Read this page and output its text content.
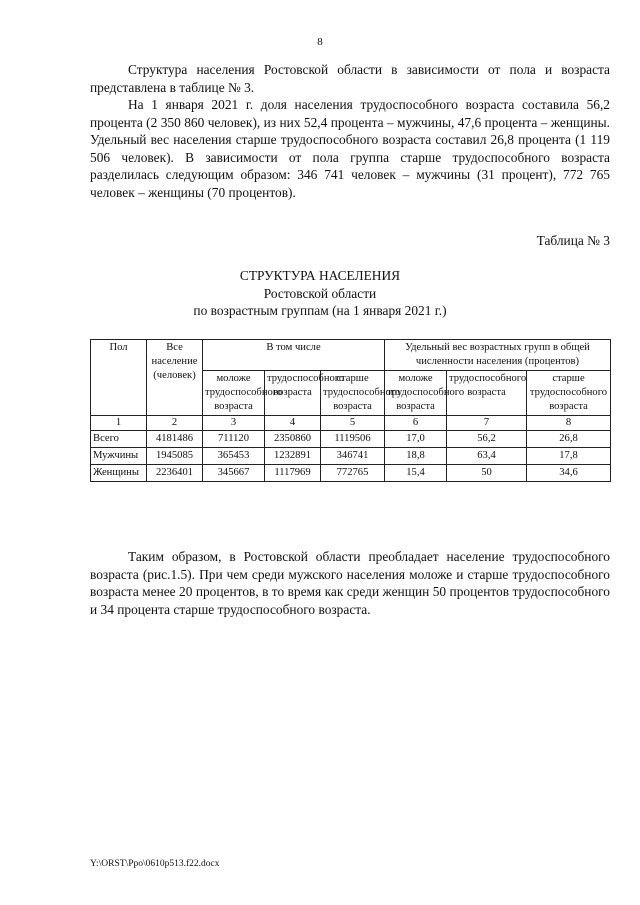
8

Структура населения Ростовской области в зависимости от пола и возраста представлена в таблице № 3.

На 1 января 2021 г. доля населения трудоспособного возраста составила 56,2 процента (2 350 860 человек), из них 52,4 процента – мужчины, 47,6 процента – женщины. Удельный вес населения старше трудоспособного возраста составил 26,8 процента (1 119 506 человек). В зависимости от пола группа старше трудоспособного возраста разделилась следующим образом: 346 741 человек – мужчины (31 процент), 772 765 человек – женщины (70 процентов).

Таблица № 3
СТРУКТУРА НАСЕЛЕНИЯ
Ростовской области
по возрастным группам (на 1 января 2021 г.)
Пол	Все население (человек)	В том числе			Удельный вес возрастных групп в общей численности населения (процентов)		
		моложе трудоспособного возраста	трудоспособного возраста	старше трудоспособного возраста	моложе трудоспособного возраста	трудоспособного возраста	старше трудоспособного возраста
1	2	3	4	5	6	7	8
Всего	4181486	711120	2350860	1119506	17,0	56,2	26,8
Мужчины	1945085	365453	1232891	346741	18,8	63,4	17,8
Женщины	2236401	345667	1117969	772765	15,4	50	34,6

Таким образом, в Ростовской области преобладает население трудоспособного возраста (рис.1.5). При чем среди мужского населения моложе и старше трудоспособного возраста менее 20 процентов, в то время как среди женщин 50 процентов трудоспособного и 34 процента старше трудоспособного возраста.

Y:\ORST\Ppo\0610p513.f22.docx
